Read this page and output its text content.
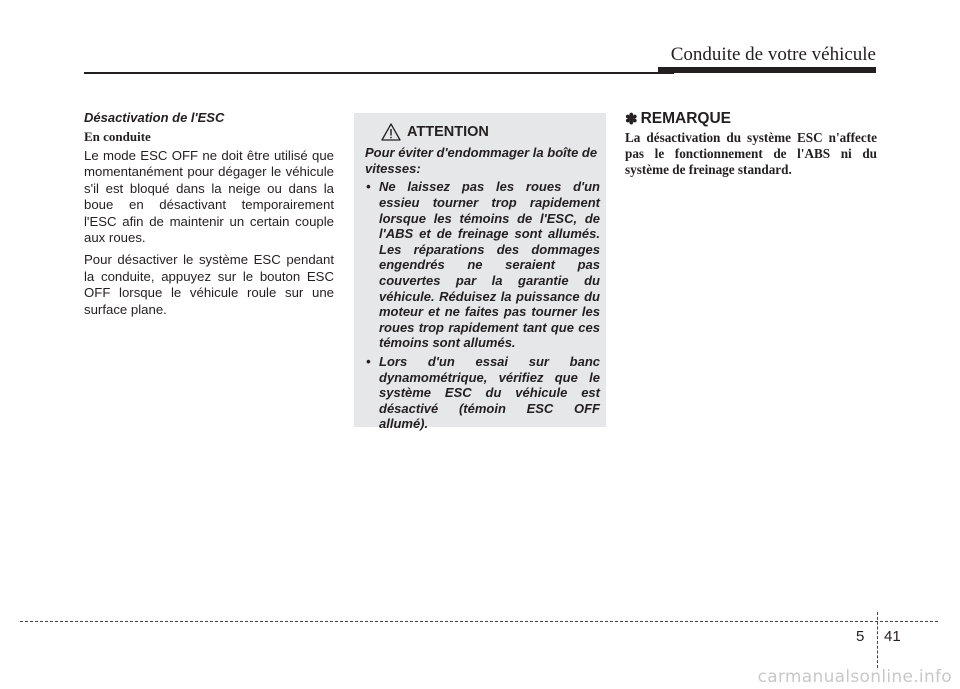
Conduite de votre véhicule
Désactivation de l'ESC
En conduite

Le mode ESC OFF ne doit être utilisé que momentanément pour dégager le véhicule s'il est bloqué dans la neige ou dans la boue en désactivant temporairement l'ESC afin de maintenir un certain couple aux roues.

Pour désactiver le système ESC pendant la conduite, appuyez sur le bouton ESC OFF lorsque le véhicule roule sur une surface plane.

ATTENTION

Pour éviter d'endommager la boîte de vitesses:

• Ne laissez pas les roues d'un essieu tourner trop rapidement lorsque les témoins de l'ESC, de l'ABS et de freinage sont allumés. Les réparations des dommages engendrés ne seraient pas couvertes par la garantie du véhicule. Réduisez la puissance du moteur et ne faites pas tourner les roues trop rapidement tant que ces témoins sont allumés.
• Lors d'un essai sur banc dynamométrique, vérifiez que le système ESC du véhicule est désactivé (témoin ESC OFF allumé).
✽ REMARQUE

La désactivation du système ESC n'affecte pas le fonctionnement de l'ABS ni du système de freinage standard.

5 41
carmanualsonline.info
